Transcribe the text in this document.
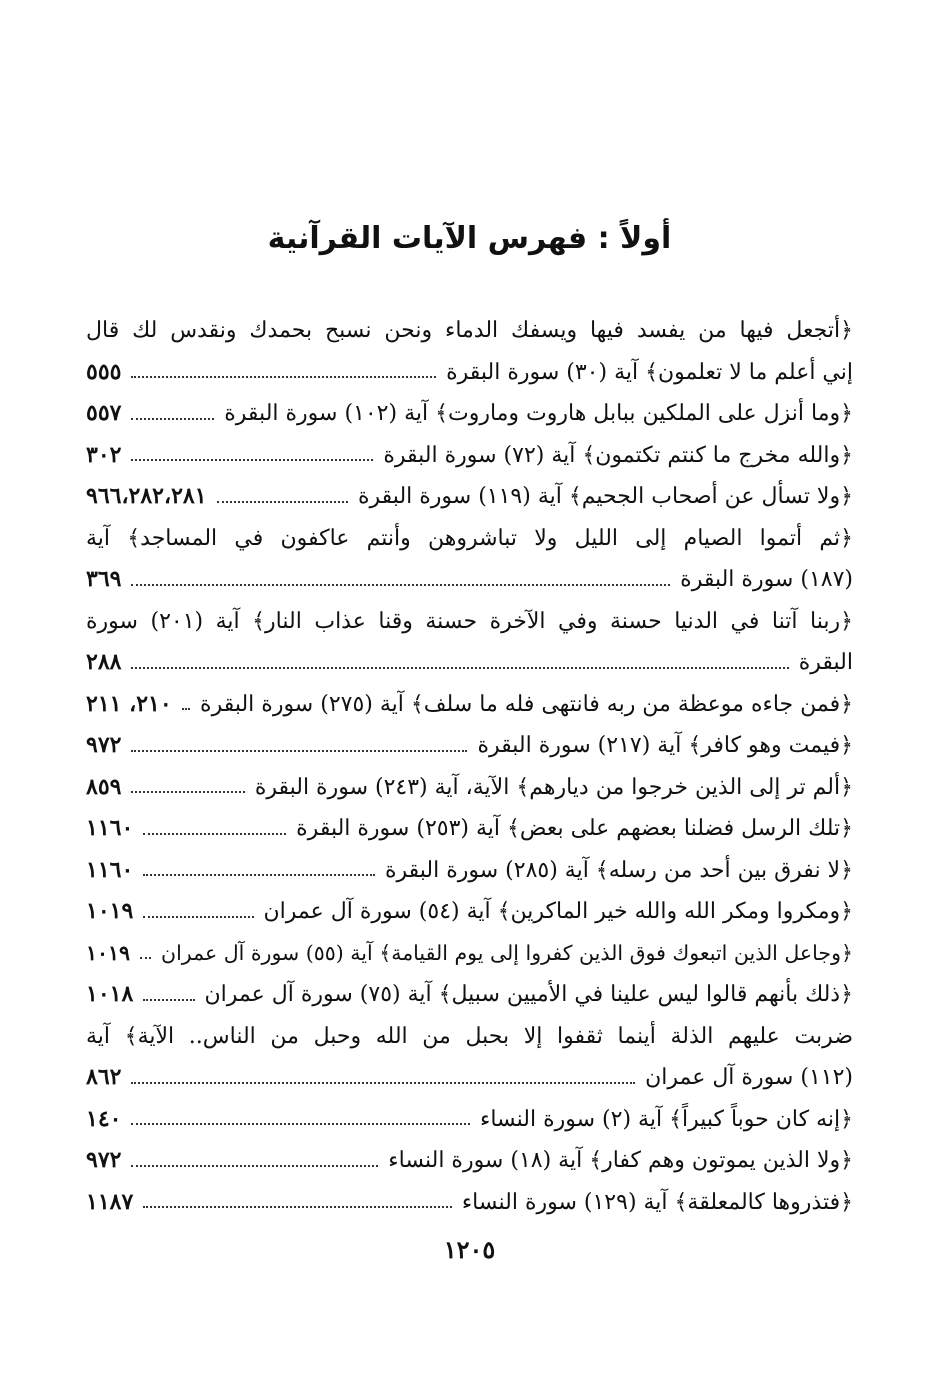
أولاً : فهرس الآيات القرآنية
﴿أتجعل فيها من يفسد فيها ويسفك الدماء ونحن نسبح بحمدك ونقدس لك قال
إني أعلم ما لا تعلمون﴾ آية (٣٠) سورة البقرة
٥٥٥
﴿وما أنزل على الملكين ببابل هاروت وماروت﴾ آية (١٠٢) سورة البقرة
٥٥٧
﴿والله مخرج ما كنتم تكتمون﴾ آية (٧٢) سورة البقرة
٣٠٢
﴿ولا تسأل عن أصحاب الجحيم﴾ آية (١١٩) سورة البقرة
٩٦٦،٢٨٢،٢٨١
﴿ثم أتموا الصيام إلى الليل ولا تباشروهن وأنتم عاكفون في المساجد﴾ آية
(١٨٧) سورة البقرة
٣٦٩
﴿ربنا آتنا في الدنيا حسنة وفي الآخرة حسنة وقنا عذاب النار﴾ آية (٢٠١) سورة
البقرة
٢٨٨
﴿فمن جاءه موعظة من ربه فانتهى فله ما سلف﴾ آية (٢٧٥) سورة البقرة
٢١٠، ٢١١
﴿فيمت وهو كافر﴾ آية (٢١٧) سورة البقرة
٩٧٢
﴿ألم تر إلى الذين خرجوا من ديارهم﴾ الآية، آية (٢٤٣) سورة البقرة
٨٥٩
﴿تلك الرسل فضلنا بعضهم على بعض﴾ آية (٢٥٣) سورة البقرة
١١٦٠
﴿لا نفرق بين أحد من رسله﴾ آية (٢٨٥) سورة البقرة
١١٦٠
﴿ومكروا ومكر الله والله خير الماكرين﴾ آية (٥٤) سورة آل عمران
١٠١٩
﴿وجاعل الذين اتبعوك فوق الذين كفروا إلى يوم القيامة﴾ آية (٥٥) سورة آل عمران
١٠١٩
﴿ذلك بأنهم قالوا ليس علينا في الأميين سبيل﴾ آية (٧٥) سورة آل عمران
١٠١٨
ضربت عليهم الذلة أينما ثقفوا إلا بحبل من الله وحبل من الناس.. الآية﴾ آية
(١١٢) سورة آل عمران
٨٦٢
﴿إنه كان حوباً كبيراً﴾ آية (٢) سورة النساء
١٤٠
﴿ولا الذين يموتون وهم كفار﴾ آية (١٨) سورة النساء
٩٧٢
﴿فتذروها كالمعلقة﴾ آية (١٢٩) سورة النساء
١١٨٧
١٢٠٥
